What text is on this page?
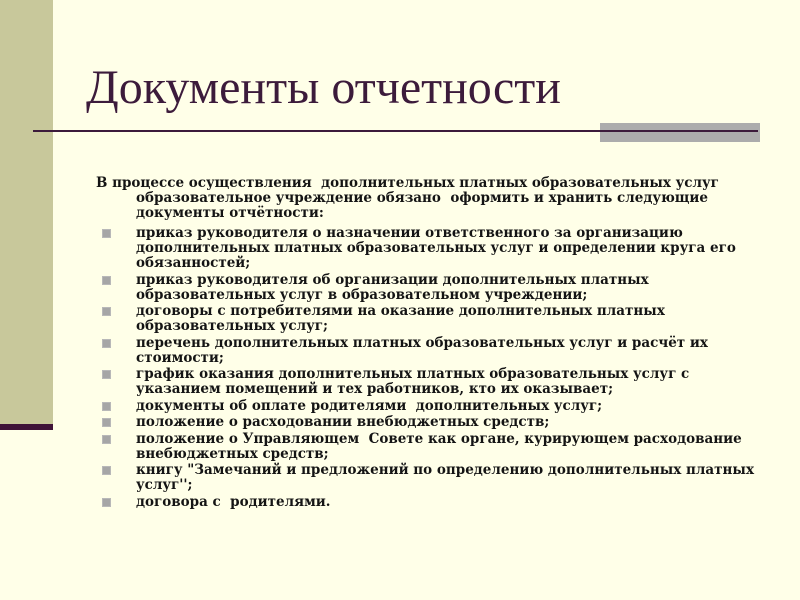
Документы отчетности

В процессе осуществления  дополнительных платных образовательных услуг образовательное учреждение обязано  оформить и хранить следующие документы отчётности:

приказ руководителя о назначении ответственного за организацию дополнительных платных образовательных услуг и определении круга его обязанностей;
приказ руководителя об организации дополнительных платных образовательных услуг в образовательном учреждении;
договоры с потребителями на оказание дополнительных платных образовательных услуг;
перечень дополнительных платных образовательных услуг и расчёт их стоимости;
график оказания дополнительных платных образовательных услуг с указанием помещений и тех работников, кто их оказывает;
документы об оплате родителями  дополнительных услуг;
положение о расходовании внебюджетных средств;
положение о Управляющем  Совете как органе, курирующем расходование внебюджетных средств;
книгу "Замечаний и предложений по определению дополнительных платных услуг'';
договора с  родителями.
